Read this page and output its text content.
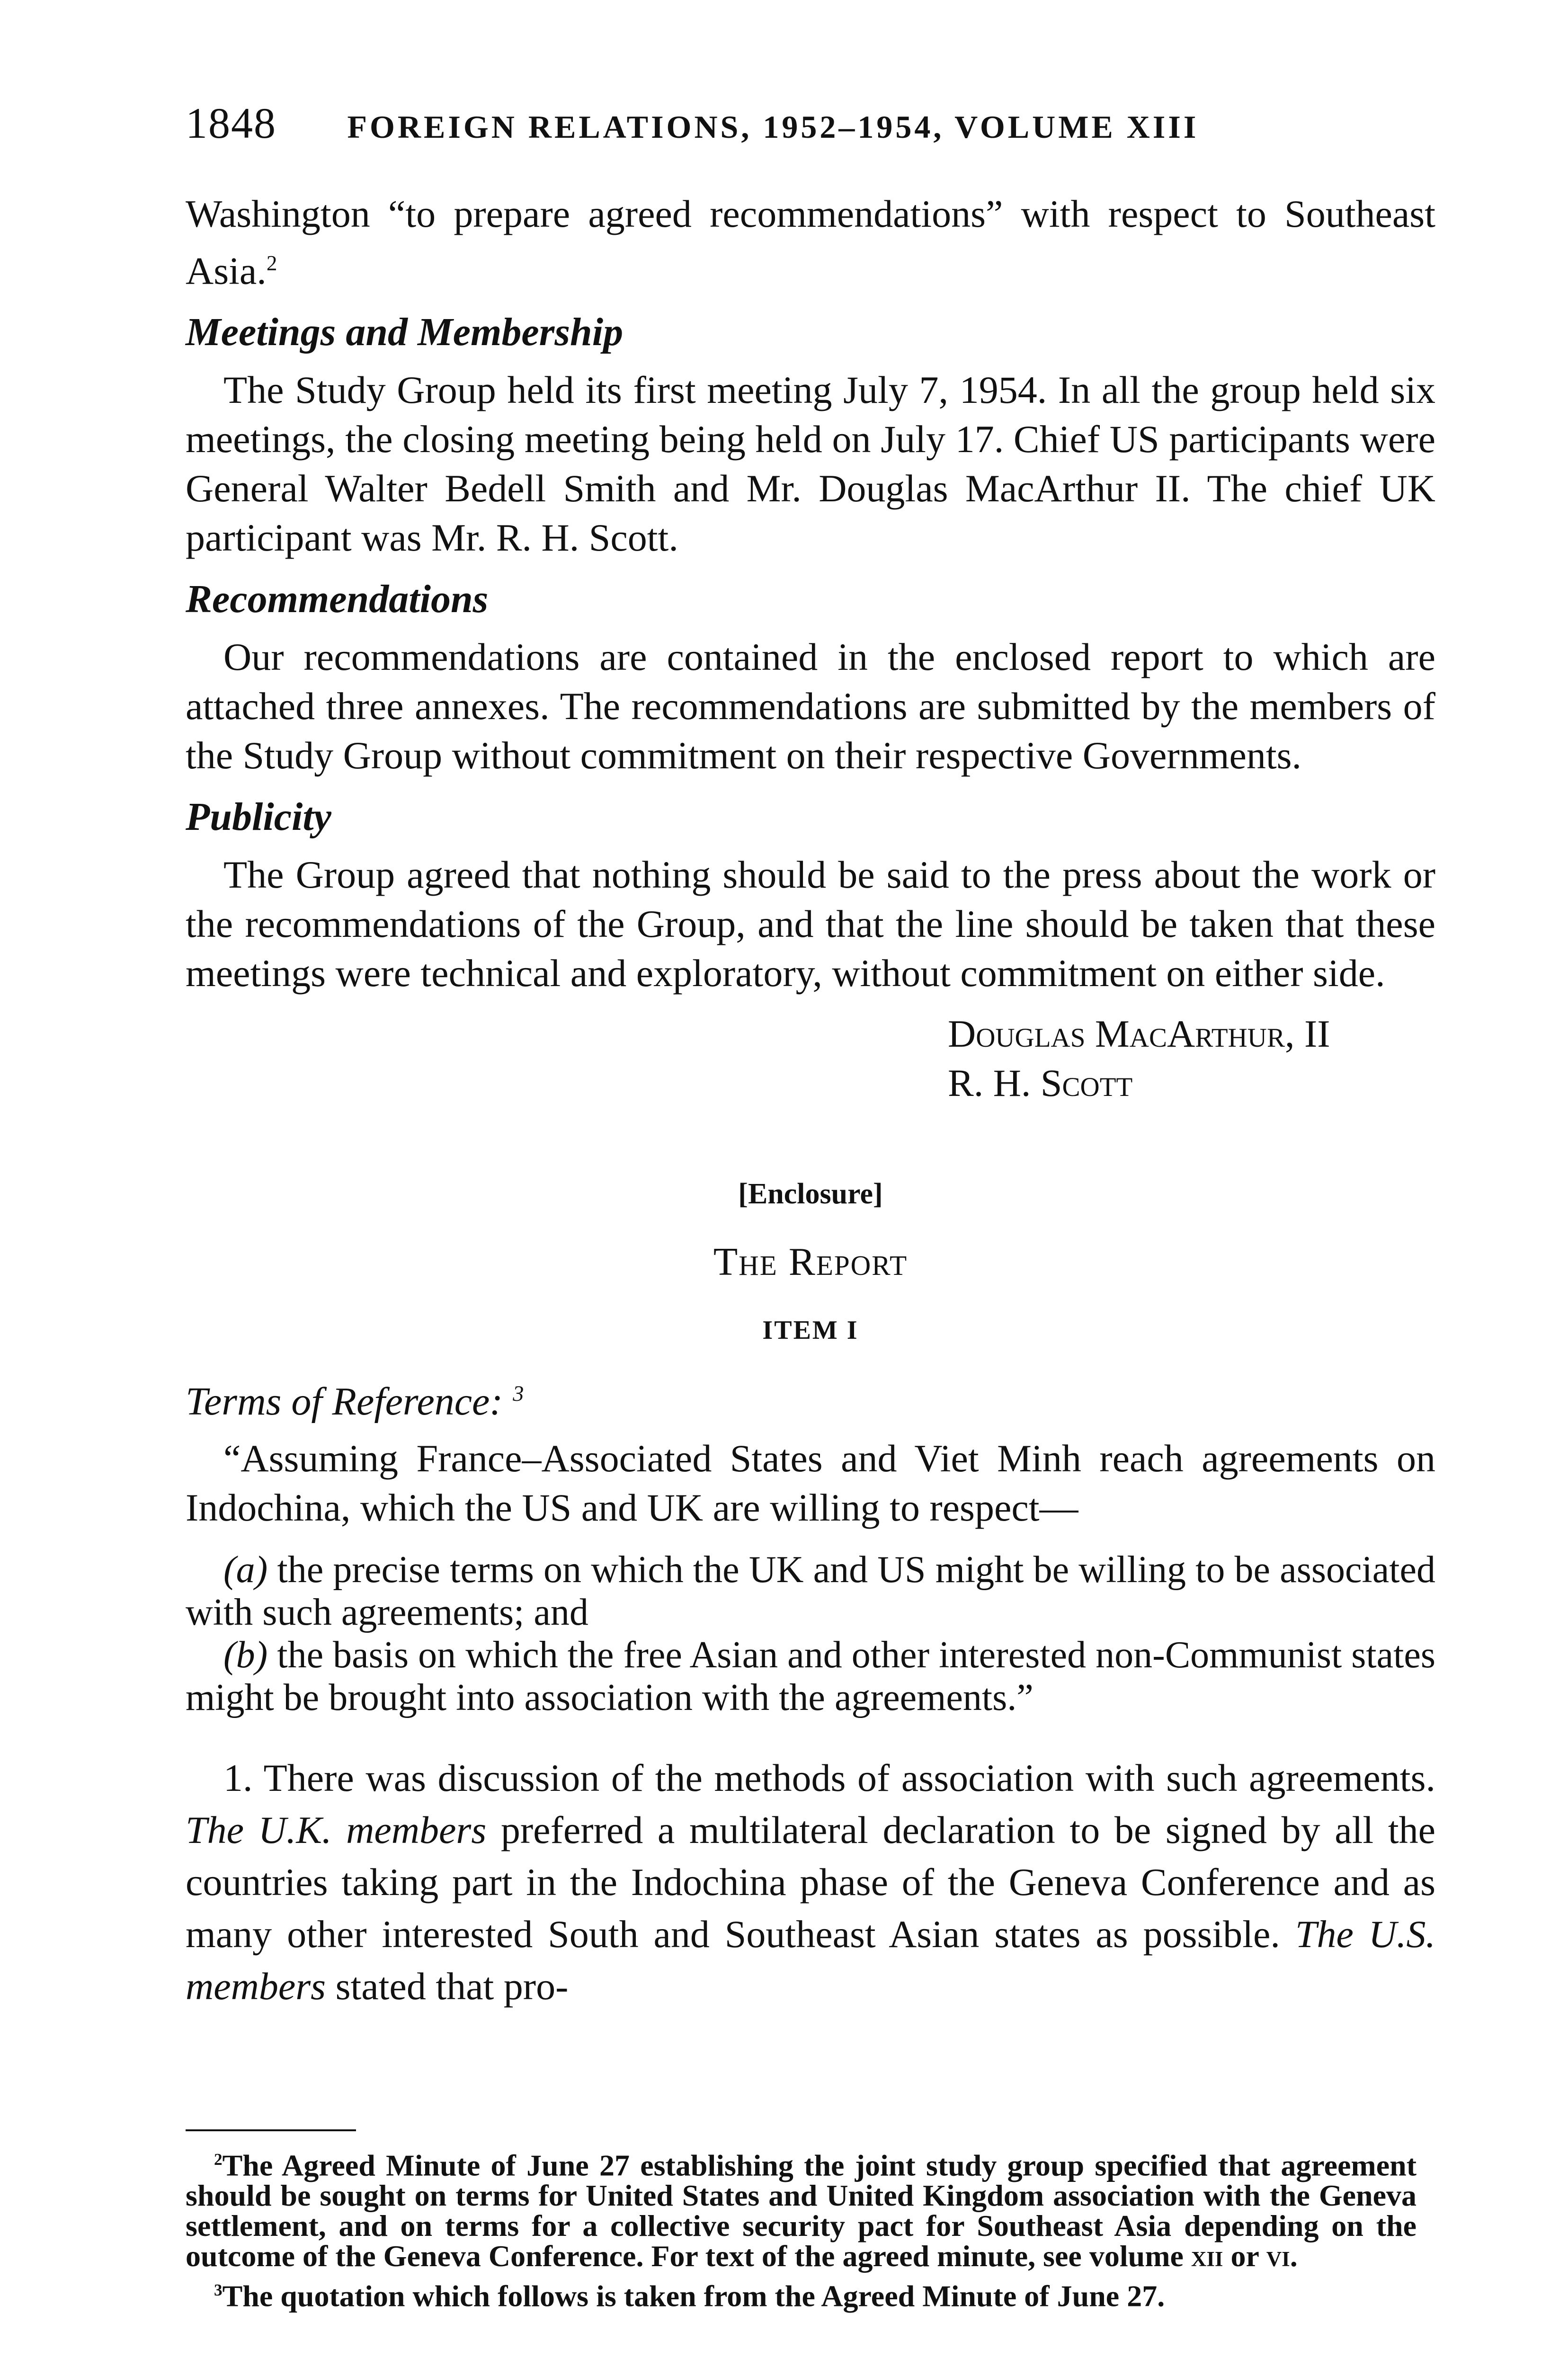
1848 FOREIGN RELATIONS, 1952–1954, VOLUME XIII

Washington “to prepare agreed recommendations” with respect to Southeast Asia.$^2$

Meetings and Membership

The Study Group held its first meeting July 7, 1954. In all the group held six meetings, the closing meeting being held on July 17. Chief US participants were General Walter Bedell Smith and Mr. Douglas MacArthur II. The chief UK participant was Mr. R. H. Scott.

Recommendations

Our recommendations are contained in the enclosed report to which are attached three annexes. The recommendations are submitted by the members of the Study Group without commitment on their respective Governments.

Publicity

The Group agreed that nothing should be said to the press about the work or the recommendations of the Group, and that the line should be taken that these meetings were technical and exploratory, without commitment on either side.

Douglas MacArthur, II
R. H. Scott

[Enclosure]

The Report

ITEM I

Terms of Reference: $^3$

“Assuming France–Associated States and Viet Minh reach agreements on Indochina, which the US and UK are willing to respect—

(a) the precise terms on which the UK and US might be willing to be associated with such agreements; and

(b) the basis on which the free Asian and other interested non-Communist states might be brought into association with the agreements.”

1. There was discussion of the methods of association with such agreements. The U.K. members preferred a multilateral declaration to be signed by all the countries taking part in the Indochina phase of the Geneva Conference and as many other interested South and Southeast Asian states as possible. The U.S. members stated that pro-

$^2$The Agreed Minute of June 27 establishing the joint study group specified that agreement should be sought on terms for United States and United Kingdom association with the Geneva settlement, and on terms for a collective security pact for Southeast Asia depending on the outcome of the Geneva Conference. For text of the agreed minute, see volume xii or vi.

$^3$The quotation which follows is taken from the Agreed Minute of June 27.
